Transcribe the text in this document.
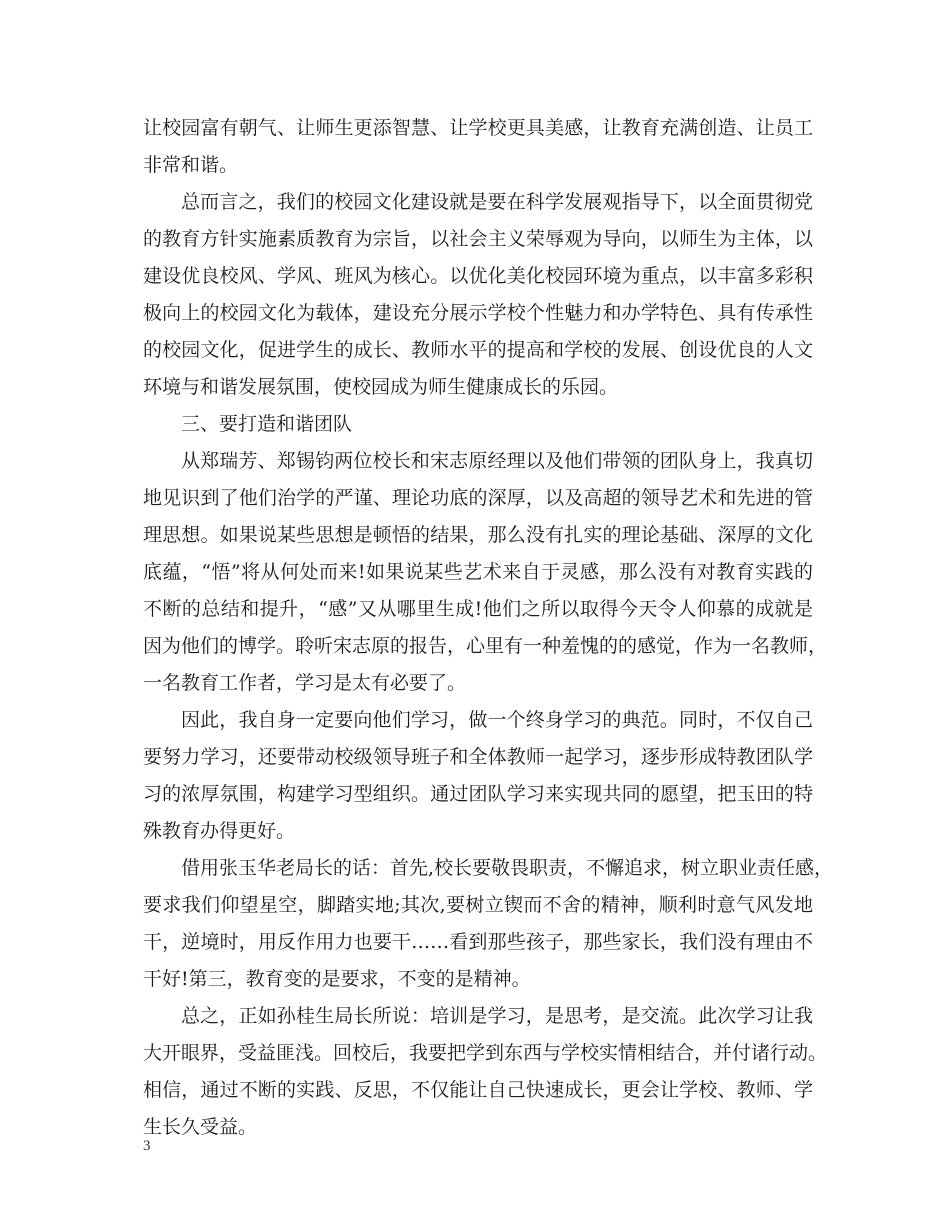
让校园富有朝气、让师生更添智慧、让学校更具美感，让教育充满创造、让员工
非常和谐。
总而言之，我们的校园文化建设就是要在科学发展观指导下，以全面贯彻党
的教育方针实施素质教育为宗旨，以社会主义荣辱观为导向，以师生为主体，以
建设优良校风、学风、班风为核心。以优化美化校园环境为重点，以丰富多彩积
极向上的校园文化为载体，建设充分展示学校个性魅力和办学特色、具有传承性
的校园文化，促进学生的成长、教师水平的提高和学校的发展、创设优良的人文
环境与和谐发展氛围，使校园成为师生健康成长的乐园。
三、要打造和谐团队
从郑瑞芳、郑锡钧两位校长和宋志原经理以及他们带领的团队身上，我真切
地见识到了他们治学的严谨、理论功底的深厚，以及高超的领导艺术和先进的管
理思想。如果说某些思想是顿悟的结果，那么没有扎实的理论基础、深厚的文化
底蕴，“悟”将从何处而来!如果说某些艺术来自于灵感，那么没有对教育实践的
不断的总结和提升，“感”又从哪里生成!他们之所以取得今天令人仰慕的成就是
因为他们的博学。聆听宋志原的报告，心里有一种羞愧的的感觉，作为一名教师，
一名教育工作者，学习是太有必要了。
因此，我自身一定要向他们学习，做一个终身学习的典范。同时，不仅自己
要努力学习，还要带动校级领导班子和全体教师一起学习，逐步形成特教团队学
习的浓厚氛围，构建学习型组织。通过团队学习来实现共同的愿望，把玉田的特
殊教育办得更好。
借用张玉华老局长的话：首先,校长要敬畏职责，不懈追求，树立职业责任感，
要求我们仰望星空，脚踏实地;其次,要树立锲而不舍的精神，顺利时意气风发地
干，逆境时，用反作用力也要干……看到那些孩子，那些家长，我们没有理由不
干好!第三，教育变的是要求，不变的是精神。
总之，正如孙桂生局长所说：培训是学习，是思考，是交流。此次学习让我
大开眼界，受益匪浅。回校后，我要把学到东西与学校实情相结合，并付诸行动。
相信，通过不断的实践、反思，不仅能让自己快速成长，更会让学校、教师、学
生长久受益。
3
